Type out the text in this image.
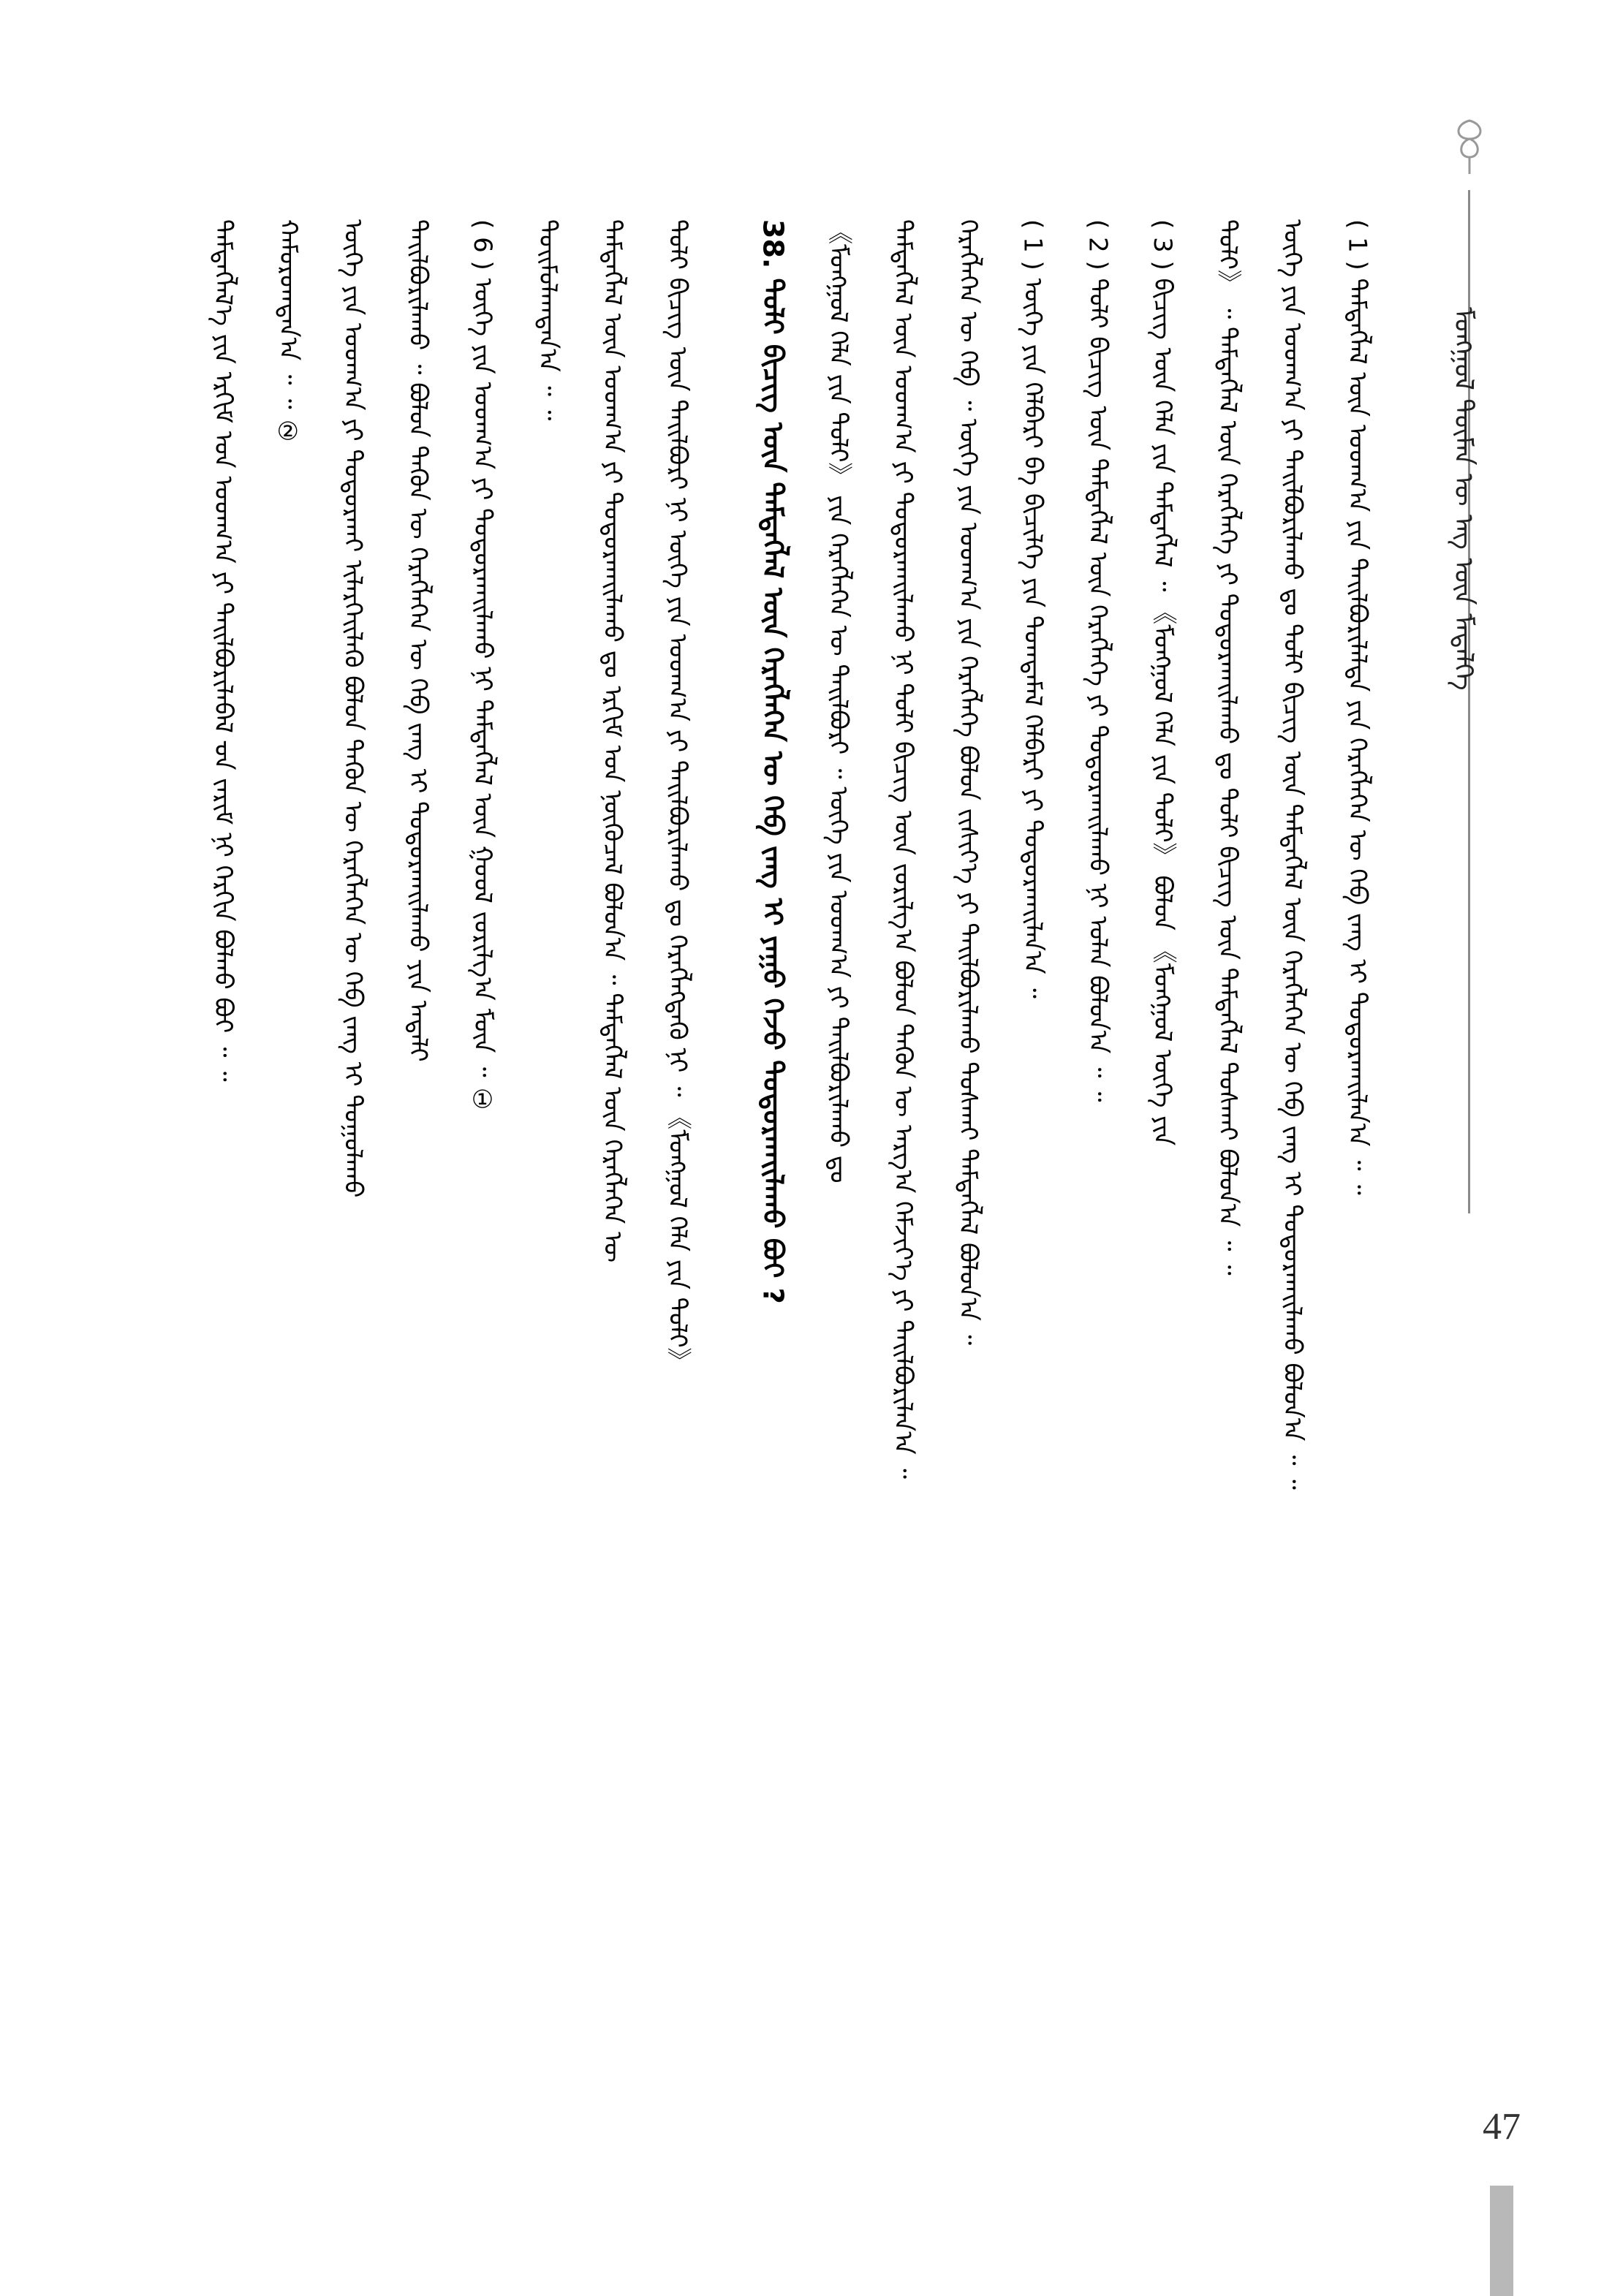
ᠮᠣᠩᠭᠣᠯ ᠲᠦᠮᠡᠨ ᠦ ᠡᠩ ᠦᠨ ᠮᠡᠳᠡᠯᠭᠡ
ᠲᠡᠮᠳᠡᠭᠯᠡᠯ᠎ᠡ ᠶᠢᠨ ᠡᠷᠬᠢᠮ ᠤᠨ ᠤᠳᠬ᠎ᠠ ᠶᠢ ᠲᠠᠢᠯᠪᠤᠷᠢᠯᠠᠪᠠᠯ ᠊ᠤᠨ ᠵᠠᠷᠢᠮ ᠨᠢ ᠬᠡᠷᠬᠢᠨ ᠪᠣᠯᠬᠤ ᠪᠤᠢ ᠃ ᠃	ᠬᠠᠮᠤᠷᠤᠭᠳᠠᠨ᠎ᠠ ᠃ ᠃ ②	ᠦᠭᠡ ᠶᠢᠨ ᠤᠳᠬ᠎ᠠ ᠶᠢ ᠲᠣᠳᠣᠷᠬᠠᠶ ᠢᠯᠡᠷᠬᠡᠢᠯᠡᠬᠦ ᠪᠣᠯᠤᠨ ᠲᠡᠭᠦᠨ ᠦ ᠬᠡᠷᠡᠭᠯᠡᠭᠡᠨ ᠦ ᠬᠡᠪ ᠵᠠᠩ ᠢ ᠲᠤᠭᠤᠯᠠᠬᠤ	ᠲᠠᠢᠯᠪᠤᠷᠢᠯᠠᠬᠤ ᠃ ᠪᠣᠯᠤᠨ ᠲᠡᠭᠦᠨ ᠦ ᠬᠡᠷᠡᠭᠯᠡᠭᠡᠨ ᠦ ᠬᠡᠪ ᠵᠠᠩ ᠢ ᠲᠣᠳᠣᠷᠬᠠᠢᠯᠠᠬᠤ ᠊ᠶᠢᠨ ᠠᠳᠠᠯᠢ	( 6 ) ᠦᠭᠡ ᠶᠢᠨ ᠤᠳᠬ᠎ᠠ ᠶᠢ ᠲᠣᠳᠣᠷᠬᠠᠢᠯᠠᠬᠤ ᠨᠢ ᠲᠡᠮᠳᠡᠭᠯᠡᠯ ᠦᠨ ᠭᠣᠣᠯ ᠵᠣᠷᠢᠯᠭ᠎ᠠ ᠮᠥᠨ ᠃ ①	ᠲᠣᠢᠮᠣᠯᠠᠭᠳᠠᠨ᠎ᠠ ᠃ ᠃	ᠲᠡᠮᠳᠡᠭᠯᠡᠯ ᠦᠨ ᠤᠳᠬ᠎ᠠ ᠶᠢ ᠲᠣᠳᠣᠷᠬᠠᠢᠯᠠᠬᠤ ᠳᠤ ᠡᠷᠬᠢᠮ ᠤᠨ ᠨᠥᠬᠦᠴᠡᠯ ᠪᠣᠯᠤᠨ᠎ᠠ ᠃ ᠲᠡᠮᠳᠡᠭᠯᠡᠯ ᠦᠨ ᠬᠡᠷᠡᠭᠯᠡᠭᠡᠨ ᠦ	ᠲᠣᠯᠢ ᠪᠢᠴᠢᠭ ᠦᠨ ᠲᠠᠢᠯᠪᠤᠷᠢ ᠨᠢ ᠦᠭᠡ ᠶᠢᠨ ᠤᠳᠬ᠎ᠠ ᠶᠢ ᠲᠠᠢᠯᠪᠤᠷᠢᠯᠠᠬᠤ ᠳᠤ ᠬᠡᠷᠡᠭᠯᠡᠭᠳᠡᠬᠦ ᠨᠢ ᠃ 《ᠮᠣᠩᠭᠣᠯ ᠬᠡᠯᠡ ᠶᠢᠨ ᠲᠣᠯᠢ》	38. ᠲᠣᠯᠢ ᠪᠢᠴᠢᠭ ᠦᠨ ᠲᠡᠮᠳᠡᠭᠯᠡᠯ ᠦᠨ ᠬᠡᠷᠡᠭᠯᠡᠭᠡᠨ ᠦ ᠬᠡᠪ ᠵᠠᠩ ᠢ ᠶᠠᠭᠤ ᠭᠡᠵᠦ ᠲᠣᠳᠣᠷᠬᠠᠢᠯᠠᠬᠤ ᠪᠤᠢ ?	《ᠮᠣᠩᠭᠣᠯ ᠬᠡᠯᠡ ᠶᠢᠨ ᠲᠣᠯᠢ》 ᠶᠢᠨ ᠬᠡᠷᠡᠭᠯᠡᠭᠡᠨ ᠦ ᠲᠠᠢᠯᠪᠤᠷᠢ ᠃ ᠦᠭᠡ ᠶᠢᠨ ᠤᠳᠬ᠎ᠠ ᠶᠢ ᠲᠠᠢᠯᠪᠤᠷᠢᠯᠠᠬᠤ ᠳᠤ	ᠲᠡᠮᠳᠡᠭᠯᠡᠯ ᠦᠨ ᠤᠳᠬ᠎ᠠ ᠶᠢ ᠲᠣᠳᠣᠷᠬᠠᠢᠯᠠᠬᠤ ᠨᠢ ᠲᠣᠯᠢ ᠪᠢᠴᠢᠭ ᠦᠨ ᠵᠣᠷᠢᠯᠭ᠎ᠠ ᠪᠣᠯᠤᠨ ᠲᠡᠭᠦᠨ ᠦ ᠠᠷᠭ᠎ᠠ ᠬᠡᠮᠵᠢᠶ᠎ᠡ ᠶᠢ ᠲᠠᠢᠯᠪᠤᠷᠢᠯᠠᠨ᠎ᠠ ᠃	ᠬᠡᠷᠡᠭᠯᠡᠭᠡᠨ ᠦ ᠬᠡᠪ ᠃ ᠦᠭᠡ ᠶᠢᠨ ᠤᠳᠬ᠎ᠠ ᠶᠢᠨ ᠬᠡᠷᠡᠭᠯᠡᠭᠡ ᠪᠣᠯᠤᠨ ᠵᠢᠱᠢᠶ᠎ᠡ ᠶᠢ ᠲᠠᠢᠯᠪᠤᠷᠢᠯᠠᠬᠤ ᠲᠤᠰᠬᠠᠢ ᠲᠡᠮᠳᠡᠭᠯᠡᠯ ᠪᠣᠯᠤᠨ᠎ᠠ ᠃	( 1 ) ᠦᠭᠡ ᠶᠢᠨ ᠬᠡᠯᠪᠡᠷᠢ ᠪᠠ ᠪᠢᠴᠢᠯᠭᠡ ᠶᠢᠨ ᠲᠣᠭᠲᠠᠮᠠᠯ ᠬᠡᠯᠪᠡᠷᠢ ᠶᠢ ᠲᠣᠳᠣᠷᠬᠠᠢᠯᠠᠨ᠎ᠠ ᠃	( 2 ) ᠲᠣᠯᠢ ᠪᠢᠴᠢᠭ ᠦᠨ ᠲᠡᠮᠳᠡᠭᠯᠡᠯ ᠦᠨ ᠬᠡᠷᠡᠭᠯᠡᠭᠡ ᠶᠢ ᠲᠣᠳᠣᠷᠬᠠᠢᠯᠠᠬᠤ ᠨᠢ ᠣᠯᠠᠨ ᠪᠣᠯᠤᠨ᠎ᠠ ᠃ ᠃	( 3 ) ᠪᠢᠴᠢᠭ ᠦᠨ ᠬᠡᠯᠡ ᠶᠢᠨ ᠲᠡᠮᠳᠡᠭᠯᠡᠯ ᠃ 《ᠮᠣᠩᠭᠣᠯ ᠬᠡᠯᠡ ᠶᠢᠨ ᠲᠣᠯᠢ》 ᠪᠣᠯᠤᠨ 《ᠮᠣᠩᠭᠣᠯ ᠦᠭᠡ ᠶᠢᠨ	ᠲᠣᠯᠢ》 ᠃ ᠲᠡᠮᠳᠡᠭᠯᠡᠯ ᠦᠨ ᠬᠡᠷᠡᠭᠯᠡᠭᠡ ᠶᠢ ᠲᠣᠳᠣᠷᠬᠠᠢᠯᠠᠬᠤ ᠳᠤ ᠲᠣᠯᠢ ᠪᠢᠴᠢᠭ ᠦᠨ ᠲᠡᠮᠳᠡᠭᠯᠡᠯ ᠲᠤᠰᠬᠠᠢ ᠪᠣᠯᠤᠨ᠎ᠠ ᠃ ᠃	ᠦᠭᠡ ᠶᠢᠨ ᠤᠳᠬ᠎ᠠ ᠶᠢ ᠲᠠᠢᠯᠪᠤᠷᠢᠯᠠᠬᠤ ᠳᠤ ᠲᠣᠯᠢ ᠪᠢᠴᠢᠭ ᠦᠨ ᠲᠡᠮᠳᠡᠭᠯᠡᠯ ᠦᠨ ᠬᠡᠷᠡᠭᠯᠡᠭᠡᠨ ᠦ ᠬᠡᠪ ᠵᠠᠩ ᠢ ᠲᠣᠳᠣᠷᠬᠠᠢᠯᠠᠬᠤ ᠪᠣᠯᠤᠨ᠎ᠠ ᠃ ᠃	( 1 ) ᠲᠡᠮᠳᠡᠭᠯᠡᠯ ᠦᠨ ᠤᠳᠬ᠎ᠠ ᠶᠢᠨ ᠲᠠᠢᠯᠪᠤᠷᠢᠯᠠᠯᠲᠠ ᠶᠢᠨ ᠬᠡᠷᠡᠭᠯᠡᠭᠡᠨ ᠦ ᠬᠡᠪ ᠵᠠᠩ ᠢ ᠲᠣᠳᠣᠷᠬᠠᠢᠯᠠᠨ᠎ᠠ ᠃ ᠃
47
